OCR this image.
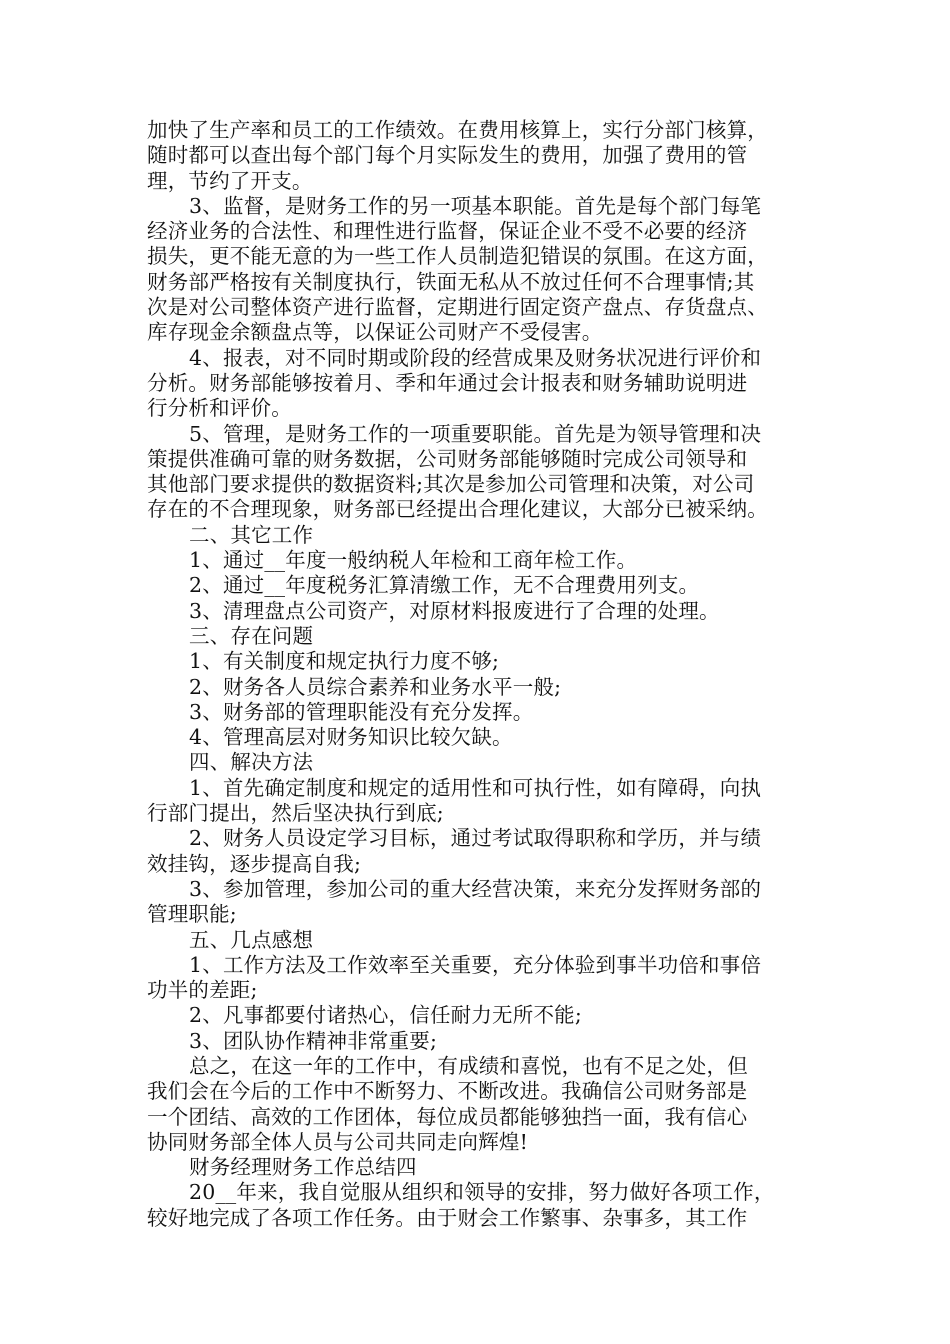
加快了生产率和员工的工作绩效。在费用核算上，实行分部门核算，
随时都可以查出每个部门每个月实际发生的费用，加强了费用的管
理，节约了开支。
3、监督，是财务工作的另一项基本职能。首先是每个部门每笔
经济业务的合法性、和理性进行监督，保证企业不受不必要的经济
损失，更不能无意的为一些工作人员制造犯错误的氛围。在这方面，
财务部严格按有关制度执行，铁面无私从不放过任何不合理事情;其
次是对公司整体资产进行监督，定期进行固定资产盘点、存货盘点、
库存现金余额盘点等，以保证公司财产不受侵害。
4、报表，对不同时期或阶段的经营成果及财务状况进行评价和
分析。财务部能够按着月、季和年通过会计报表和财务辅助说明进
行分析和评价。
5、管理，是财务工作的一项重要职能。首先是为领导管理和决
策提供准确可靠的财务数据，公司财务部能够随时完成公司领导和
其他部门要求提供的数据资料;其次是参加公司管理和决策，对公司
存在的不合理现象，财务部已经提出合理化建议，大部分已被采纳。
二、其它工作
1、通过__年度一般纳税人年检和工商年检工作。
2、通过__年度税务汇算清缴工作，无不合理费用列支。
3、清理盘点公司资产，对原材料报废进行了合理的处理。
三、存在问题
1、有关制度和规定执行力度不够;
2、财务各人员综合素养和业务水平一般;
3、财务部的管理职能没有充分发挥。
4、管理高层对财务知识比较欠缺。
四、解决方法
1、首先确定制度和规定的适用性和可执行性，如有障碍，向执
行部门提出，然后坚决执行到底;
2、财务人员设定学习目标，通过考试取得职称和学历，并与绩
效挂钩，逐步提高自我;
3、参加管理，参加公司的重大经营决策，来充分发挥财务部的
管理职能;
五、几点感想
1、工作方法及工作效率至关重要，充分体验到事半功倍和事倍
功半的差距;
2、凡事都要付诸热心，信任耐力无所不能;
3、团队协作精神非常重要;
总之，在这一年的工作中，有成绩和喜悦，也有不足之处，但
我们会在今后的工作中不断努力、不断改进。我确信公司财务部是
一个团结、高效的工作团体，每位成员都能够独挡一面，我有信心
协同财务部全体人员与公司共同走向辉煌!
财务经理财务工作总结四
20__年来，我自觉服从组织和领导的安排，努力做好各项工作，
较好地完成了各项工作任务。由于财会工作繁事、杂事多，其工作
